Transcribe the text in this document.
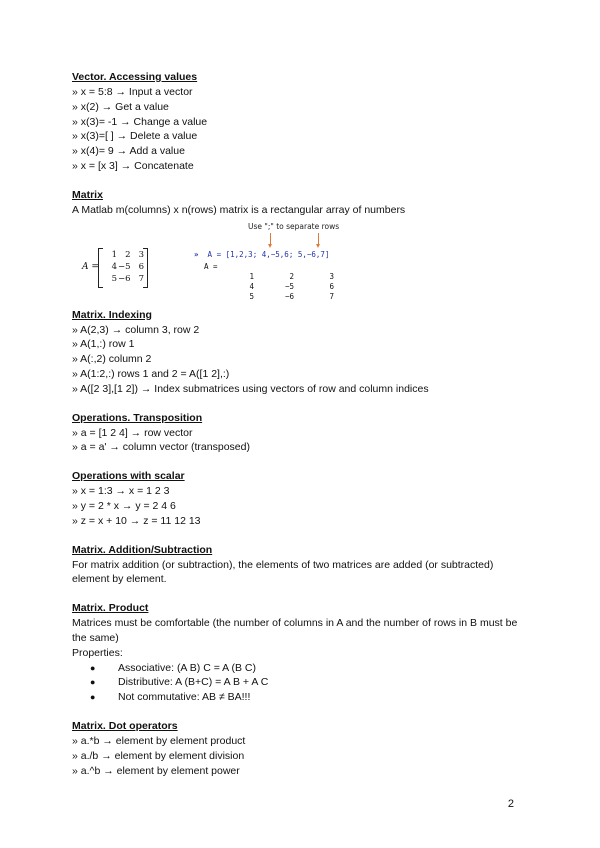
Vector. Accessing values
» x = 5:8 → Input a vector
» x(2) → Get a value
» x(3)= -1 → Change a value
» x(3)=[ ] → Delete a value
» x(4)= 9 → Add a value
» x = [x 3] → Concatenate
Matrix
A Matlab m(columns) x n(rows) matrix is a rectangular array of numbers
A =
1 2 3
4 −5 6
5 −6 7
Use ";" to separate rows
» A = [1,2,3; 4,−5,6; 5,−6,7]
A =
1	2	3
4	−5	6
5	−6	7
Matrix. Indexing
» A(2,3) → column 3, row 2
» A(1,:) row 1
» A(:,2) column 2
» A(1:2,:) rows 1 and 2 = A([1 2],:)
» A([2 3],[1 2]) → Index submatrices using vectors of row and column indices
Operations. Transposition
» a = [1 2 4] → row vector
» a = a' → column vector (transposed)
Operations with scalar
» x = 1:3 → x = 1 2 3
» y = 2 * x → y = 2 4 6
» z = x + 10 → z = 11 12 13
Matrix. Addition/Subtraction
For matrix addition (or subtraction), the elements of two matrices are added (or subtracted) element by element.
Matrix. Product
Matrices must be comfortable (the number of columns in A and the number of rows in B must be the same)
Properties:
● Associative: (A B) C = A (B C)
● Distributive: A (B+C) = A B + A C
● Not commutative: AB ≠ BA!!!
Matrix. Dot operators
» a.*b → element by element product
» a./b → element by element division
» a.^b → element by element power
2
